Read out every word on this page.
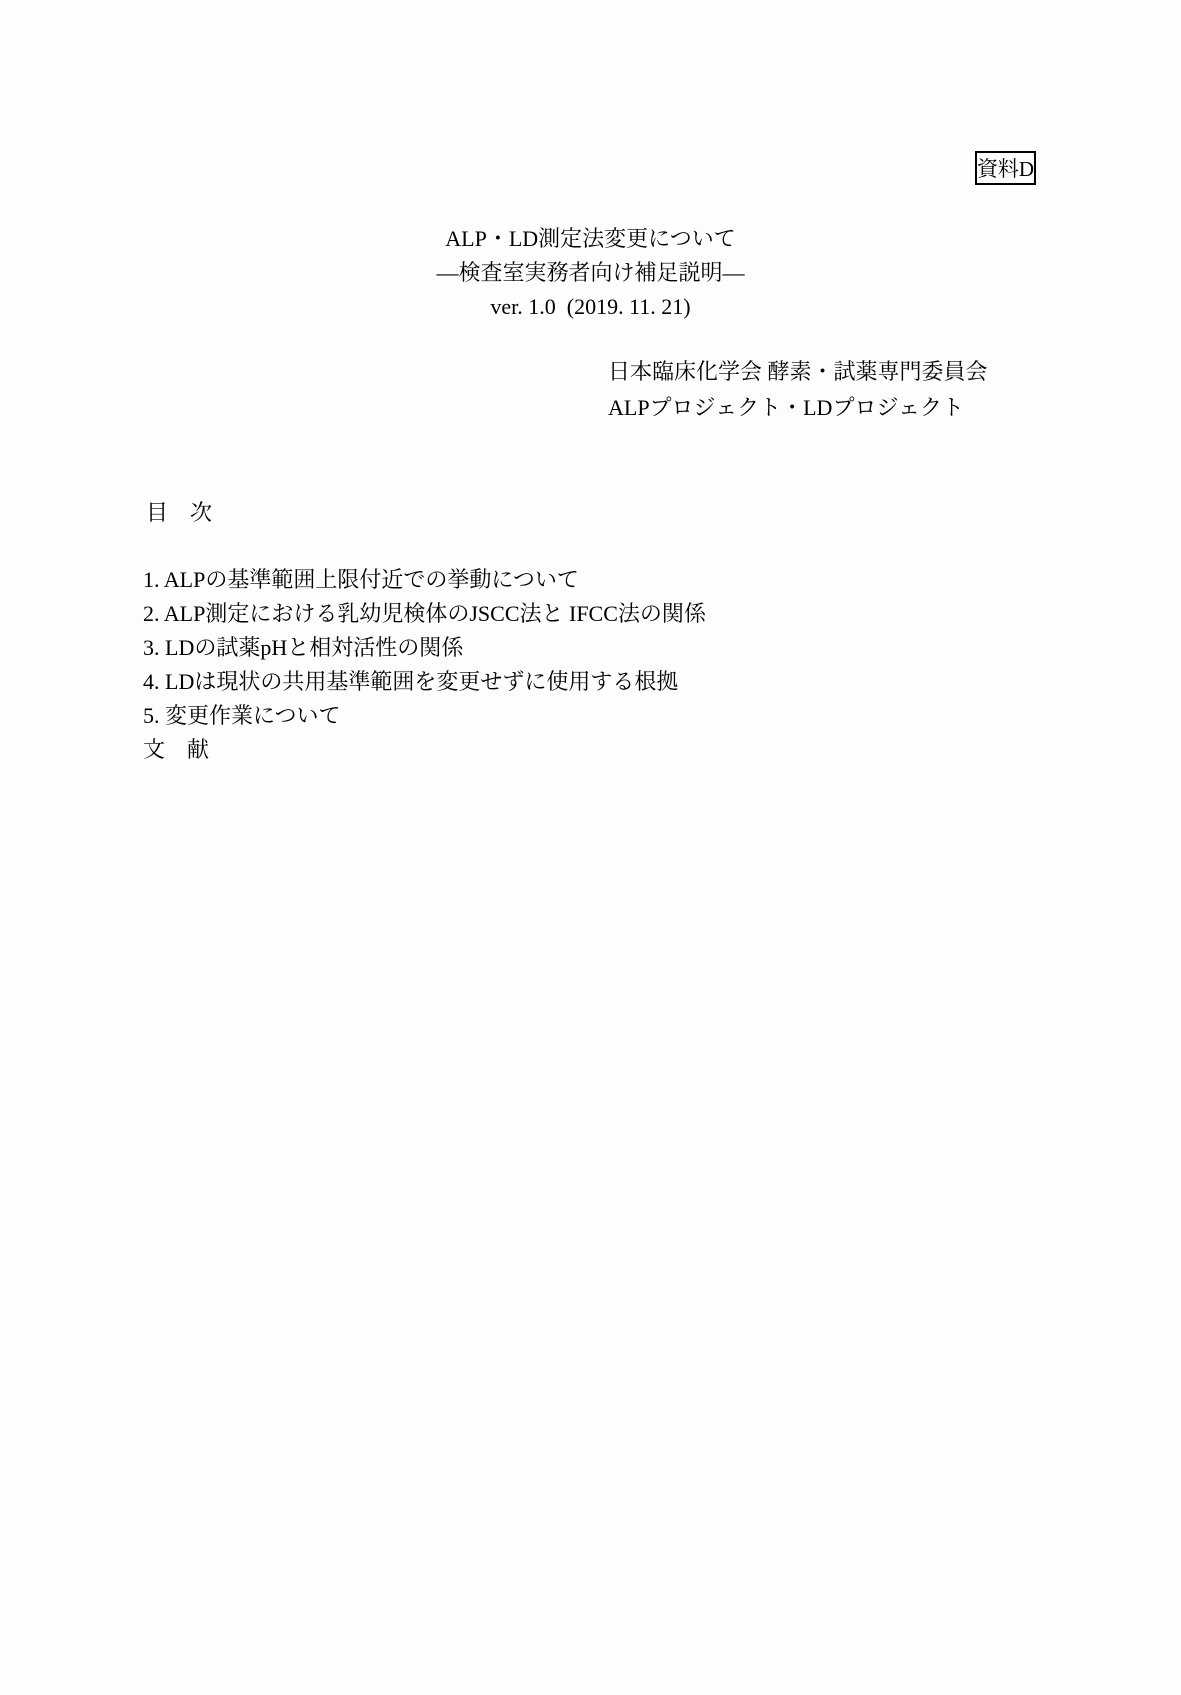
資料D
ALP・LD測定法変更について
―検査室実務者向け補足説明―
ver. 1.0  (2019. 11. 21)
日本臨床化学会 酵素・試薬専門委員会
ALPプロジェクト・LDプロジェクト
目　次
1. ALPの基準範囲上限付近での挙動について
2. ALP測定における乳幼児検体のJSCC法と IFCC法の関係
3. LDの試薬pHと相対活性の関係
4. LDは現状の共用基準範囲を変更せずに使用する根拠
5. 変更作業について
文　献
